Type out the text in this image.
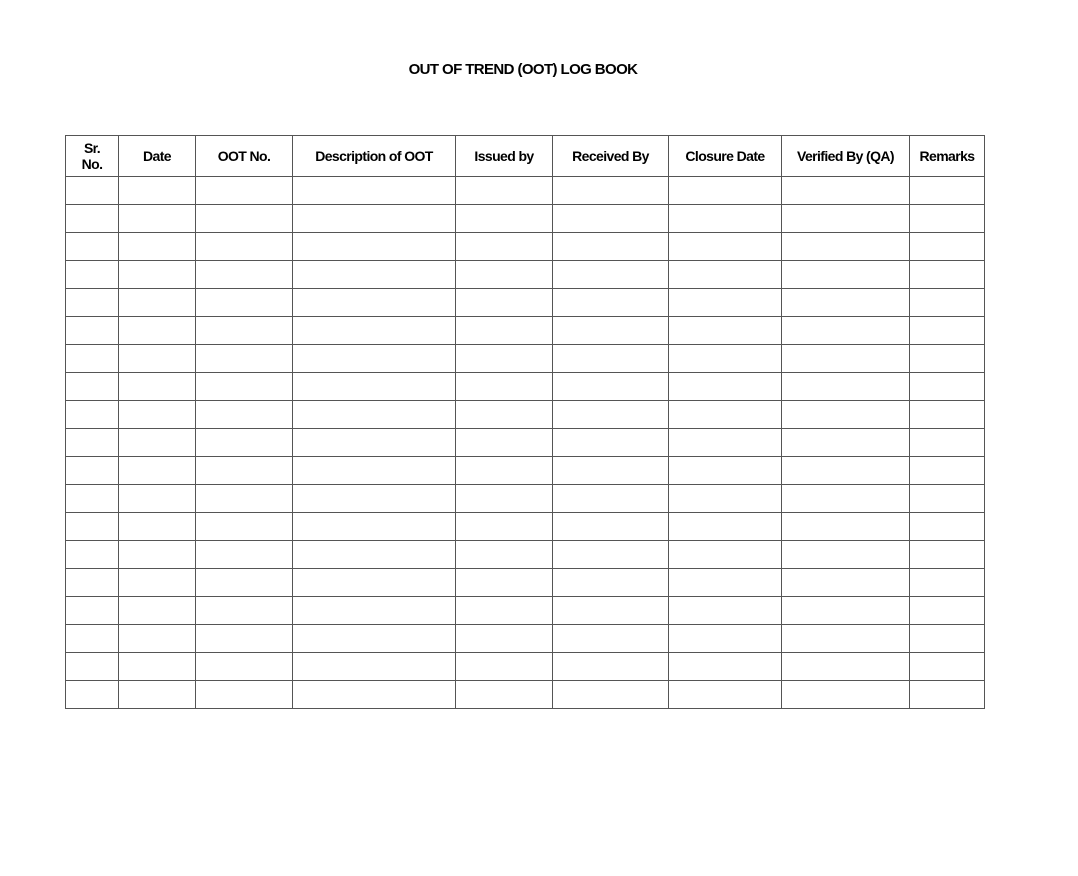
OUT OF TREND (OOT) LOG BOOK
Sr.
No.	Date	OOT No.	Description of OOT	Issued by	Received By	Closure Date	Verified By (QA)	Remarks
